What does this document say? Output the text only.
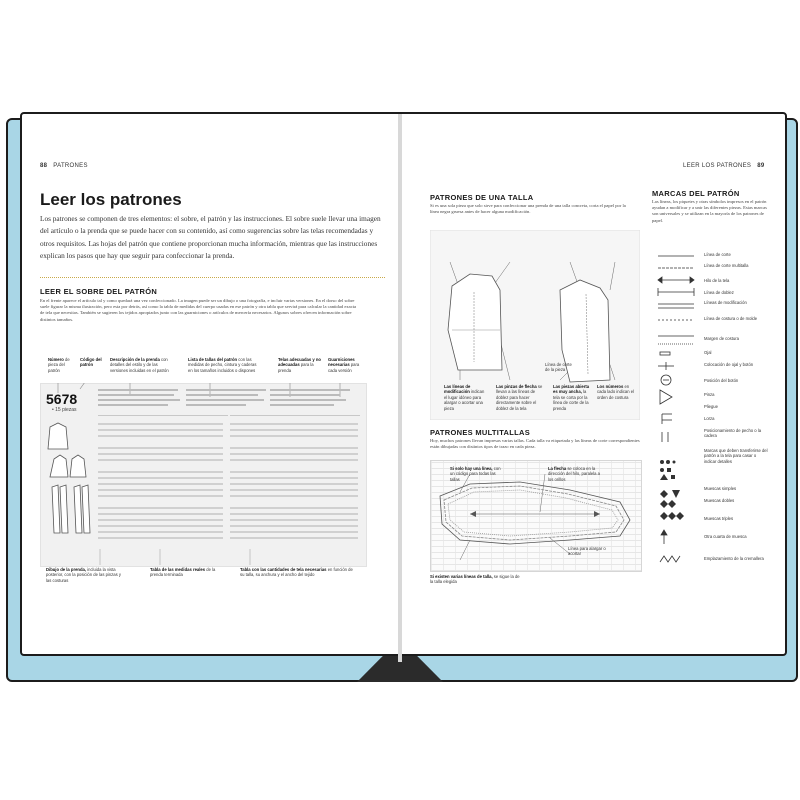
88 PATRONES
Leer los patrones
Los patrones se componen de tres elementos: el sobre, el patrón y las instrucciones. El sobre suele llevar una imagen del artículo o la prenda que se puede hacer con su contenido, así como sugerencias sobre las telas recomendadas y otros requisitos. Las hojas del patrón que contiene proporcionan mucha información, mientras que las instrucciones explican los pasos que hay que seguir para confeccionar la prenda.
LEER EL SOBRE DEL PATRÓN
En el frente aparece el artículo tal y como quedará una vez confeccionado. La imagen puede ser un dibujo o una fotografía, e incluir varias versiones. En el dorso del sobre suele figurar la misma ilustración, pero esta por detrás, así como la tabla de medidas del cuerpo usadas en ese patrón y otra tabla que servirá para calcular la cantidad exacta de tela que necesitas. También se sugieren los tejidos apropiados junto con las guarniciones o artículos de mercería necesarios. Algunos sobres ofrecen información sobre distintos tamaños.
Número de pieza del patrón
Código del patrón
Descripción de la prenda con detalles del estilo y de las versiones incluidas en el patrón
Lista de tallas del patrón con las medidas de pecho, cintura y caderas en los tamaños incluidos o dispones
Telas adecuadas y no adecuadas para la prenda
Guarniciones necesarias para cada versión
5678
• 15 piezas
Dibujo de la prenda, incluida la vista posterior, con la posición de las pinzas y las costuras
Tabla de las medidas reales de la prenda terminada
Tabla con las cantidades de tela necesarias en función de su talla, su anchura y el ancho del tejido
LEER LOS PATRONES 89
PATRONES DE UNA TALLA
Si es una sola pieza que solo sirve para confeccionar una prenda de una talla concreta, corta el papel por la línea negra gruesa antes de hacer alguna modificación.
Línea de corte de la pieza
Las líneas de modificación indican el lugar idóneo para alargar o acortar una pieza
Las pinzas de flecha se llevan a las líneas de doblez para hacer directamente sobre el doblez de la tela
Las piezas abierta es muy ancha, la tela se corta por la línea de corte de la prenda
Los números en cada lado indican el orden de costura
PATRONES MULTITALLAS
Hoy, muchos patrones llevan impresas varias tallas. Cada talla va etiquetada y las líneas de corte correspondientes están dibujadas con distintos tipos de trazo en cada pieza.
Si solo hay una línea, con un código para todas las tallas
La flecha se coloca en la dirección del hilo, paralela a los orillos
Si existen varias líneas de talla, se sigue la de la talla elegida
Línea para alargar o acortar
MARCAS DEL PATRÓN
Las líneas, los piquetes y otras símbolos impresos en el patrón ayudan a modificar y a unir las diferentes piezas. Estas marcas son universales y se utilizan en la mayoría de los patrones de papel.
Línea de corte
Línea de corte multitalla
Hilo de la tela
Línea de doblez
Líneas de modificación
Línea de costura o de molde
Margen de costura
Ojal
Colocación de ojal y botón
Posición del botón
Pinza
Pliegue
Lorza
Posicionamiento de pecho o la cadera
Marcas que deben transferirse del patrón a la tela para casar o indicar detalles
Muescas simples
Muescas dobles
Muescas triples
Otra cuarta de muesca
Emplazamiento de la cremallera
